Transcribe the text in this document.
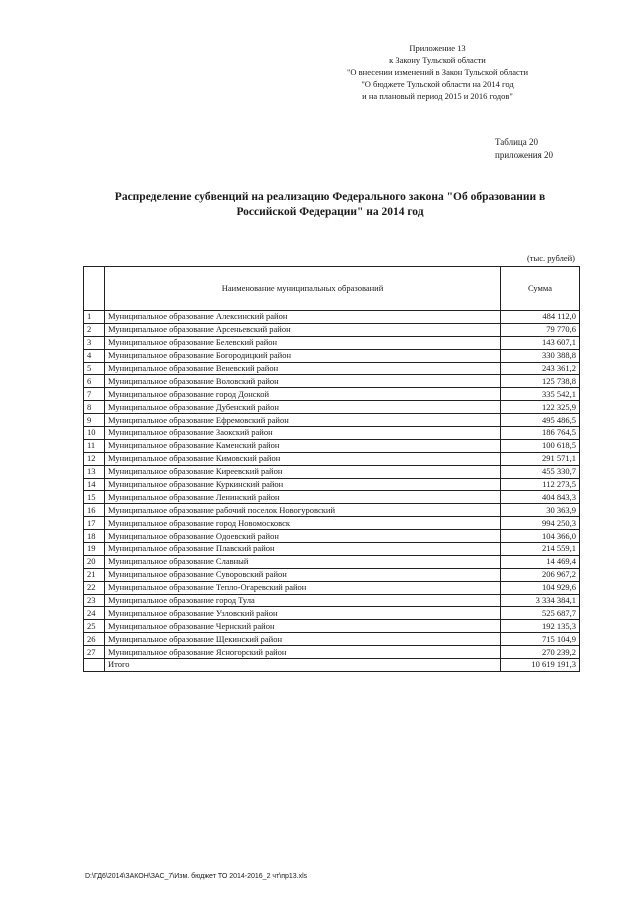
Приложение 13
к Закону Тульской области
"О внесении изменений в Закон Тульской области
"О бюджете Тульской области на 2014 год
и на плановый период 2015 и 2016 годов"
Таблица 20
приложения 20
Распределение субвенций на реализацию Федерального закона "Об образовании в
Российской Федерации" на 2014 год
(тыс. рублей)
	Наименование муниципальных образований	Сумма
1	Муниципальное образование Алексинский район	484 112,0
2	Муниципальное образование Арсеньевский район	79 770,6
3	Муниципальное образование Белевский район	143 607,1
4	Муниципальное образование Богородицкий район	330 388,8
5	Муниципальное образование Веневский район	243 361,2
6	Муниципальное образование Воловский район	125 738,8
7	Муниципальное образование город Донской	335 542,1
8	Муниципальное образование Дубенский район	122 325,9
9	Муниципальное образование Ефремовский район	495 486,5
10	Муниципальное образование Заокский район	186 764,5
11	Муниципальное образование Каменский район	100 618,5
12	Муниципальное образование Кимовский район	291 571,1
13	Муниципальное образование Киреевский район	455 330,7
14	Муниципальное образование Куркинский район	112 273,5
15	Муниципальное образование Ленинский район	404 843,3
16	Муниципальное образование рабочий поселок Новогуровский	30 363,9
17	Муниципальное образование город Новомосковск	994 250,3
18	Муниципальное образование Одоевский район	104 366,0
19	Муниципальное образование Плавский район	214 559,1
20	Муниципальное образование Славный	14 469,4
21	Муниципальное образование Суворовский район	206 967,2
22	Муниципальное образование Тепло-Огаревский район	104 929,6
23	Муниципальное образование город Тула	3 334 384,1
24	Муниципальное образование Узловский район	525 687,7
25	Муниципальное образование Чернский район	192 135,3
26	Муниципальное образование Щекинский район	715 104,9
27	Муниципальное образование Ясногорский район	270 239,2
	Итого	10 619 191,3
D:\ГД6\2014\ЗАКОН\ЗАС_7\Изм. бюджет ТО 2014-2016_2 чт\пр13.xls
